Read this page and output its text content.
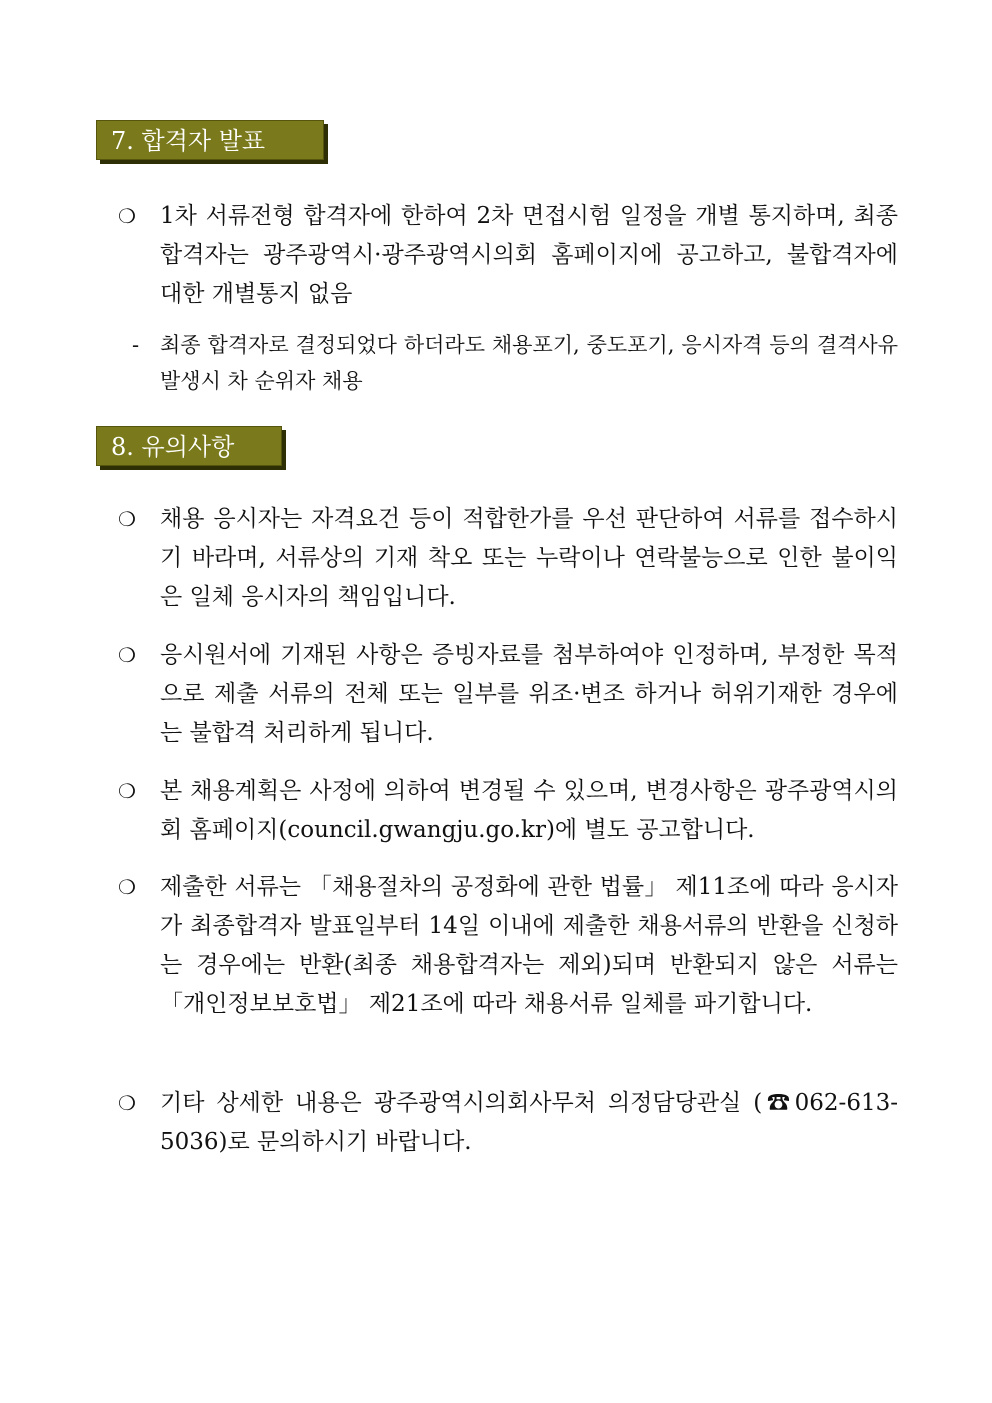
7. 합격자 발표
❍	1차 서류전형 합격자에 한하여 2차 면접시험 일정을 개별 통지하며, 최종합격자는 광주광역시·광주광역시의회 홈페이지에 공고하고, 불합격자에 대한 개별통지 없음
- 최종 합격자로 결정되었다 하더라도 채용포기, 중도포기, 응시자격 등의 결격사유 발생시 차 순위자 채용
8. 유의사항
❍	채용 응시자는 자격요건 등이 적합한가를 우선 판단하여 서류를 접수하시기 바라며, 서류상의 기재 착오 또는 누락이나 연락불능으로 인한 불이익은 일체 응시자의 책임입니다.
❍	응시원서에 기재된 사항은 증빙자료를 첨부하여야 인정하며, 부정한 목적으로 제출 서류의 전체 또는 일부를 위조·변조 하거나 허위기재한 경우에는 불합격 처리하게 됩니다.
❍	본 채용계획은 사정에 의하여 변경될 수 있으며, 변경사항은 광주광역시의회 홈페이지(council.gwangju.go.kr)에 별도 공고합니다.
❍	제출한 서류는 「채용절차의 공정화에 관한 법률」 제11조에 따라 응시자가 최종합격자 발표일부터 14일 이내에 제출한 채용서류의 반환을 신청하는 경우에는 반환(최종 채용합격자는 제외)되며 반환되지 않은 서류는 「개인정보보호법」 제21조에 따라 채용서류 일체를 파기합니다.
❍	기타 상세한 내용은 광주광역시의회사무처 의정담당관실 (☎062-613-5036)로 문의하시기 바랍니다.
